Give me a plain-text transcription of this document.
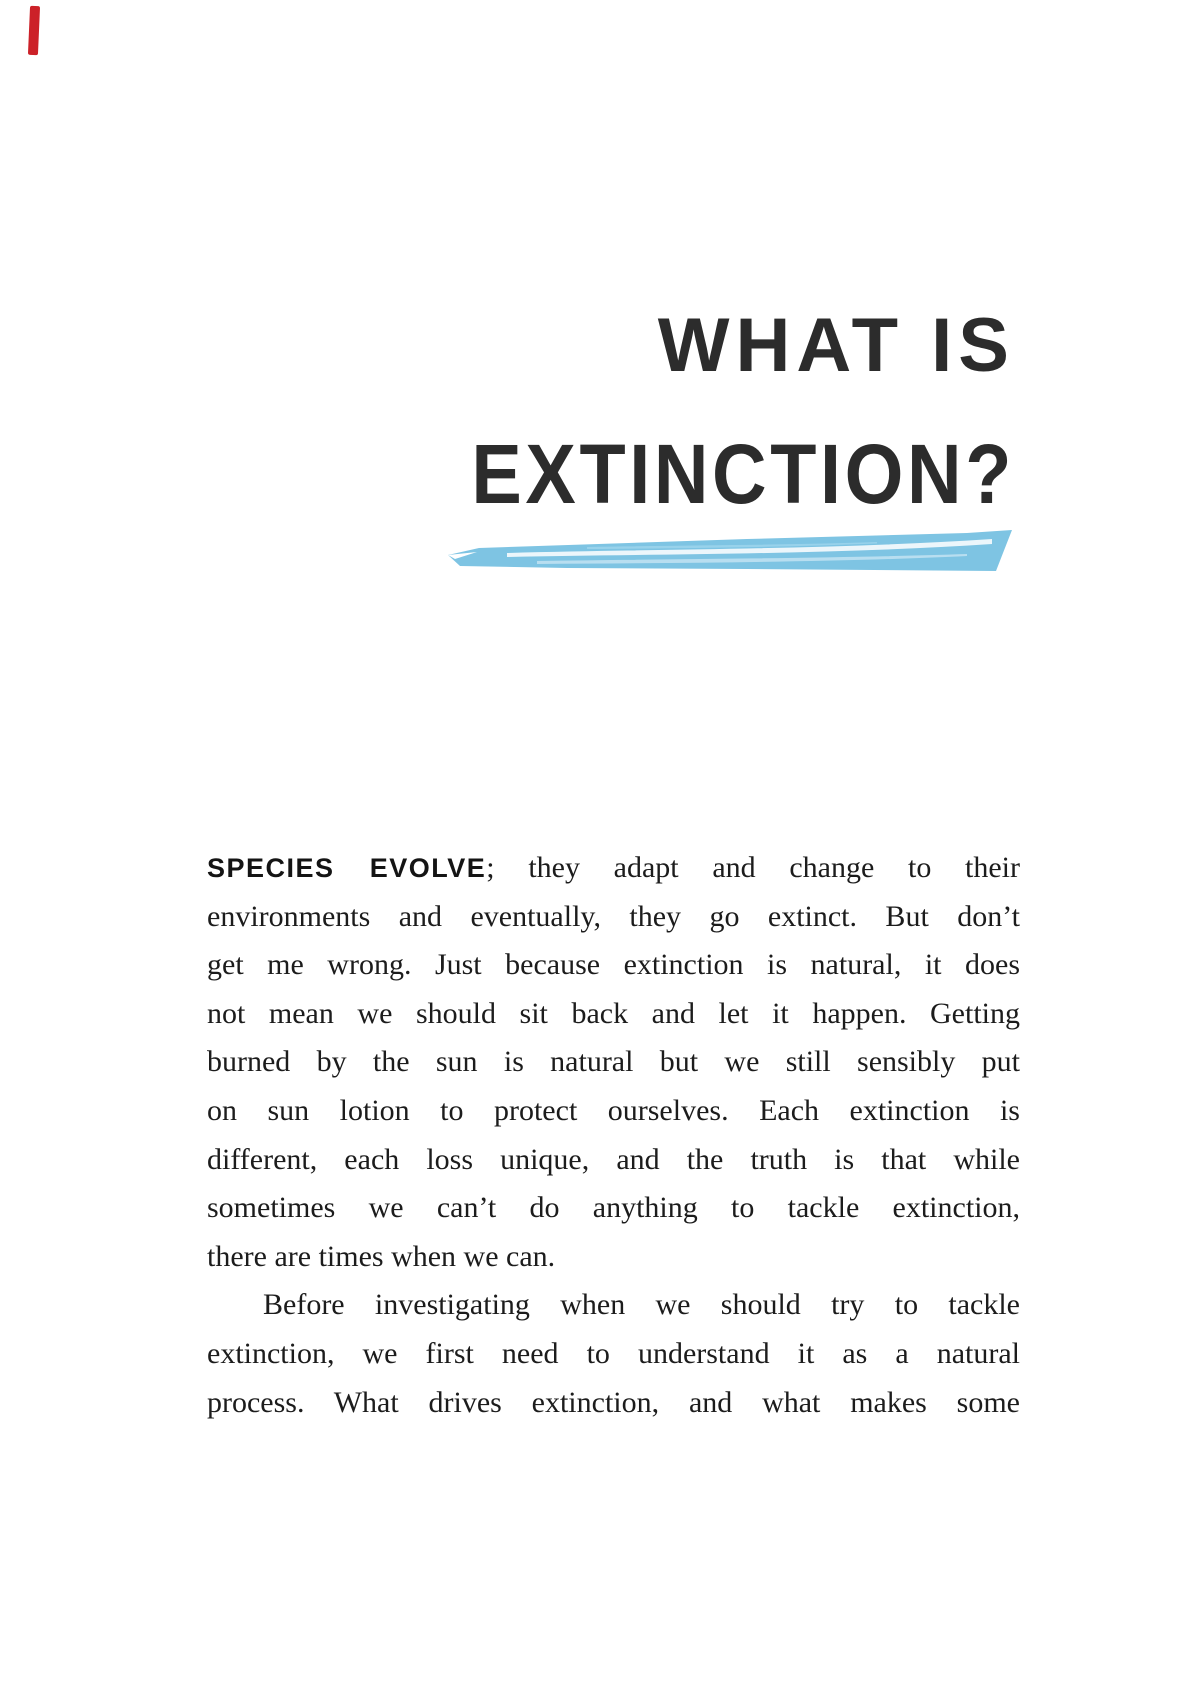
WHAT IS
EXTINCTION?
SPECIES EVOLVE; they adapt and change to their
environments and eventually, they go extinct. But don’t
get me wrong. Just because extinction is natural, it does
not mean we should sit back and let it happen. Getting
burned by the sun is natural but we still sensibly put
on sun lotion to protect ourselves. Each extinction is
different, each loss unique, and the truth is that while
sometimes we can’t do anything to tackle extinction,
there are times when we can.
Before investigating when we should try to tackle
extinction, we first need to understand it as a natural
process. What drives extinction, and what makes some
